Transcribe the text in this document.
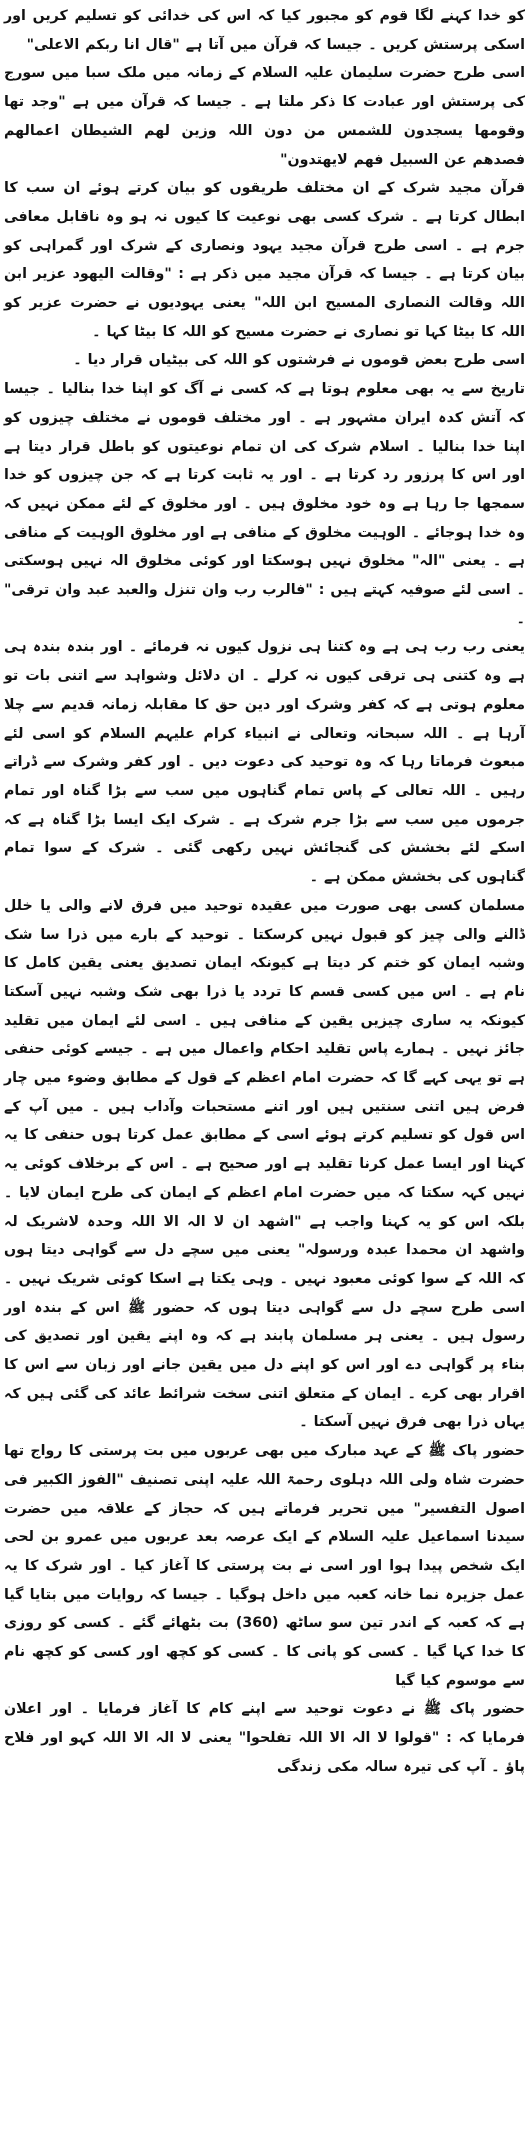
کو خدا کہنے لگا قوم کو مجبور کیا کہ اس کی خدائی کو تسلیم کریں اور اسکی پرستش کریں ۔ جیسا کہ قرآن میں آتا ہے "قال انا ربکم الاعلی"

اسی طرح حضرت سلیمان علیہ السلام کے زمانہ میں ملک سبا میں سورج کی پرستش اور عبادت کا ذکر ملتا ہے ۔ جیسا کہ قرآن میں ہے "وجد تھا وقومھا یسجدون للشمس من دون اللہ وزین لھم الشیطان اعمالھم فصدھم عن السبیل فھم لایھتدون"

قرآن مجید شرک کے ان مختلف طریقوں کو بیان کرتے ہوئے ان سب کا ابطال کرتا ہے ۔ شرک کسی بھی نوعیت کا کیوں نہ ہو وہ ناقابل معافی جرم ہے ۔ اسی طرح قرآن مجید یہود ونصاری کے شرک اور گمراہی کو بیان کرتا ہے ۔ جیسا کہ قرآن مجید میں ذکر ہے : "وقالت الیھود عزیر ابن اللہ وقالت النصاری المسیح ابن اللہ" یعنی یہودیوں نے حضرت عزیر کو اللہ کا بیٹا کہا تو نصاری نے حضرت مسیح کو اللہ کا بیٹا کہا ۔

اسی طرح بعض قوموں نے فرشتوں کو اللہ کی بیٹیاں قرار دیا ۔

تاریخ سے یہ بھی معلوم ہوتا ہے کہ کسی نے آگ کو اپنا خدا بنالیا ۔ جیسا کہ آتش کدہ ایران مشہور ہے ۔ اور مختلف قوموں نے مختلف چیزوں کو اپنا خدا بنالیا ۔ اسلام شرک کی ان تمام نوعیتوں کو باطل قرار دیتا ہے اور اس کا پرزور رد کرتا ہے ۔ اور یہ ثابت کرتا ہے کہ جن چیزوں کو خدا سمجھا جا رہا ہے وہ خود مخلوق ہیں ۔ اور مخلوق کے لئے ممکن نہیں کہ وہ خدا ہوجائے ۔ الوہیت مخلوق کے منافی ہے اور مخلوق الوہیت کے منافی ہے ۔ یعنی "الہ" مخلوق نہیں ہوسکتا اور کوئی مخلوق الہ نہیں ہوسکتی ۔ اسی لئے صوفیہ کہتے ہیں : "فالرب رب وان تنزل والعبد عبد وان ترقی" ۔

یعنی رب رب ہی ہے وہ کتنا ہی نزول کیوں نہ فرمائے ۔ اور بندہ بندہ ہی ہے وہ کتنی ہی ترقی کیوں نہ کرلے ۔ ان دلائل وشواہد سے اتنی بات تو معلوم ہوتی ہے کہ کفر وشرک اور دین حق کا مقابلہ زمانہ قدیم سے چلا آرہا ہے ۔ اللہ سبحانہ وتعالی نے انبیاء کرام علیہم السلام کو اسی لئے مبعوث فرماتا رہا کہ وہ توحید کی دعوت دیں ۔ اور کفر وشرک سے ڈراتے رہیں ۔ اللہ تعالی کے پاس تمام گناہوں میں سب سے بڑا گناہ اور تمام جرموں میں سب سے بڑا جرم شرک ہے ۔ شرک ایک ایسا بڑا گناہ ہے کہ اسکے لئے بخشش کی گنجائش نہیں رکھی گئی ۔ شرک کے سوا تمام گناہوں کی بخشش ممکن ہے ۔

مسلمان کسی بھی صورت میں عقیدہ توحید میں فرق لانے والی یا خلل ڈالنے والی چیز کو قبول نہیں کرسکتا ۔ توحید کے بارے میں ذرا سا شک وشبہ ایمان کو ختم کر دیتا ہے کیونکہ ایمان تصدیق یعنی یقین کامل کا نام ہے ۔ اس میں کسی قسم کا تردد یا ذرا بھی شک وشبہ نہیں آسکتا کیونکہ یہ ساری چیزیں یقین کے منافی ہیں ۔ اسی لئے ایمان میں تقلید جائز نہیں ۔ ہمارے پاس تقلید احکام واعمال میں ہے ۔ جیسے کوئی حنفی ہے تو یہی کہے گا کہ حضرت امام اعظم کے قول کے مطابق وضوء میں چار فرض ہیں اتنی سنتیں ہیں اور اتنے مستحبات وآداب ہیں ۔ میں آپ کے اس قول کو تسلیم کرتے ہوئے اسی کے مطابق عمل کرتا ہوں حنفی کا یہ کہنا اور ایسا عمل کرنا تقلید ہے اور صحیح ہے ۔ اس کے برخلاف کوئی یہ نہیں کہہ سکتا کہ میں حضرت امام اعظم کے ایمان کی طرح ایمان لایا ۔ بلکہ اس کو یہ کہنا واجب ہے "اشھد ان لا الہ الا اللہ وحدہ لاشریک لہ واشھد ان محمدا عبدہ ورسولہ" یعنی میں سچے دل سے گواہی دیتا ہوں کہ اللہ کے سوا کوئی معبود نہیں ۔ وہی یکتا ہے اسکا کوئی شریک نہیں ۔ اسی طرح سچے دل سے گواہی دیتا ہوں کہ حضور ﷺ اس کے بندہ اور رسول ہیں ۔ یعنی ہر مسلمان پابند ہے کہ وہ اپنے یقین اور تصدیق کی بناء پر گواہی دے اور اس کو اپنے دل میں یقین جانے اور زبان سے اس کا اقرار بھی کرے ۔ ایمان کے متعلق اتنی سخت شرائط عائد کی گئی ہیں کہ یہاں ذرا بھی فرق نہیں آسکتا ۔

حضور پاک ﷺ کے عہد مبارک میں بھی عربوں میں بت پرستی کا رواج تھا حضرت شاہ ولی اللہ دہلوی رحمۃ اللہ علیہ اپنی تصنیف "الفوز الکبیر فی اصول التفسیر" میں تحریر فرماتے ہیں کہ حجاز کے علاقہ میں حضرت سیدنا اسماعیل علیہ السلام کے ایک عرصہ بعد عربوں میں عمرو بن لحی ایک شخص پیدا ہوا اور اسی نے بت پرستی کا آغاز کیا ۔ اور شرک کا یہ عمل جزیرہ نما خانہ کعبہ میں داخل ہوگیا ۔ جیسا کہ روایات میں بتایا گیا ہے کہ کعبہ کے اندر تین سو ساٹھ (360) بت بٹھائے گئے ۔ کسی کو روزی کا خدا کہا گیا ۔ کسی کو پانی کا ۔ کسی کو کچھ اور کسی کو کچھ نام سے موسوم کیا گیا

حضور پاک ﷺ نے دعوت توحید سے اپنے کام کا آغاز فرمایا ۔ اور اعلان فرمایا کہ : "قولوا لا الہ الا اللہ تفلحوا" یعنی لا الہ الا اللہ کہو اور فلاح پاؤ ۔ آپ کی تیرہ سالہ مکی زندگی
